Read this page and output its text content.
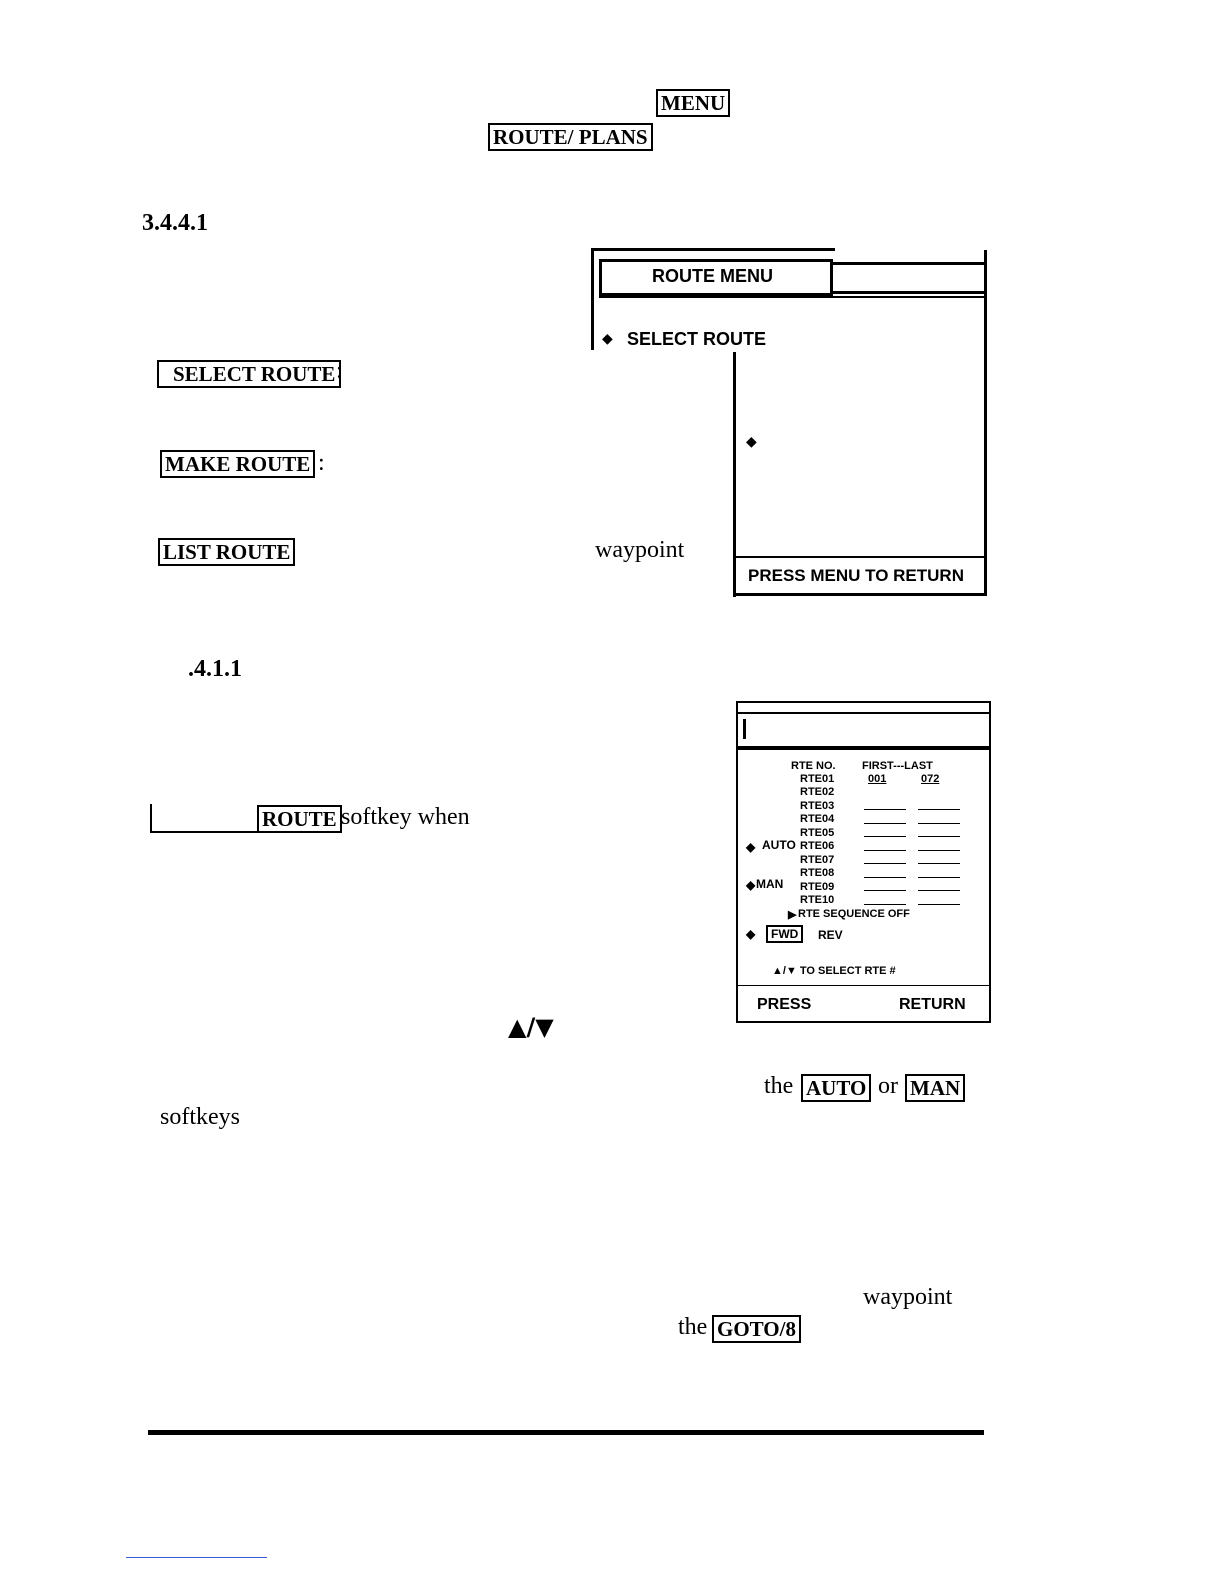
MENU
ROUTE/ PLANS
3.4.4.1
SELECT ROUTE :
MAKE ROUTE :
LIST ROUTE	waypoint
ROUTE MENU
◆ SELECT ROUTE
◆
PRESS MENU TO RETURN
.4.1.1
ROUTE softkey when
▲/▼
the AUTO or MAN
softkeys
waypoint
the GOTO/8
RTE NO. FIRST---LAST
RTE01	001	072
RTE02
RTE03
RTE04
RTE05
RTE06
RTE07
RTE08
RTE09
RTE10
◆ AUTO
◆ MAN
▶ RTE SEQUENCE OFF
◆	FWD	REV
▲/▼ TO SELECT RTE #
PRESS	RETURN
